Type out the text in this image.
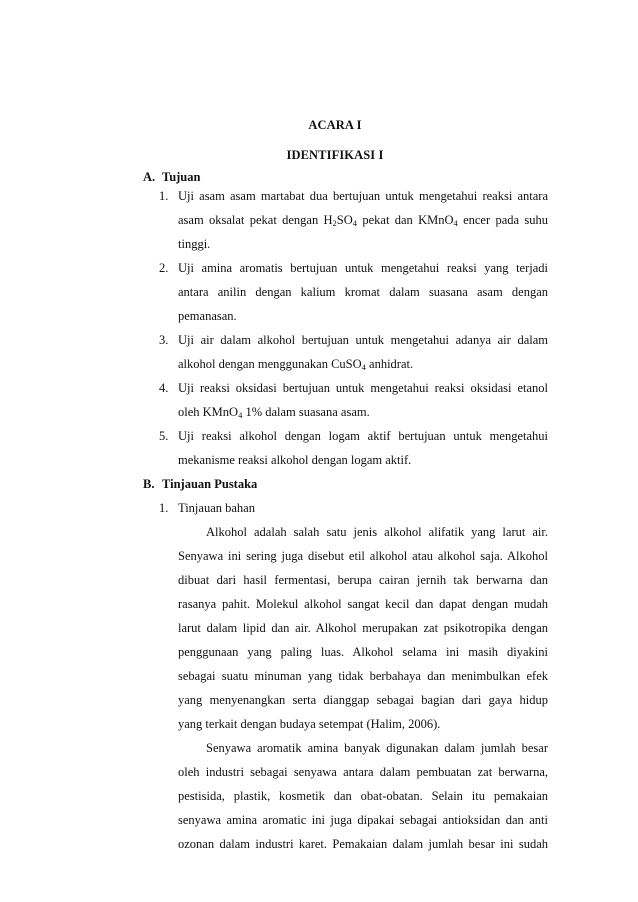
ACARA I
IDENTIFIKASI I
A. Tujuan
1. Uji asam asam martabat dua bertujuan untuk mengetahui reaksi antara
asam oksalat pekat dengan $H_2SO_4$ pekat dan KMnO$_4$ encer pada suhu
tinggi.
2. Uji amina aromatis bertujuan untuk mengetahui reaksi yang terjadi
antara anilin dengan kalium kromat dalam suasana asam dengan
pemanasan.
3. Uji air dalam alkohol bertujuan untuk mengetahui adanya air dalam
alkohol dengan menggunakan CuSO$_4$ anhidrat.
4. Uji reaksi oksidasi bertujuan untuk mengetahui reaksi oksidasi etanol
oleh KMnO$_4$ 1% dalam suasana asam.
5. Uji reaksi alkohol dengan logam aktif bertujuan untuk mengetahui
mekanisme reaksi alkohol dengan logam aktif.
B. Tinjauan Pustaka
1. Tinjauan bahan
Alkohol adalah salah satu jenis alkohol alifatik yang larut air.
Senyawa ini sering juga disebut etil alkohol atau alkohol saja. Alkohol
dibuat dari hasil fermentasi, berupa cairan jernih tak berwarna dan
rasanya pahit. Molekul alkohol sangat kecil dan dapat dengan mudah
larut dalam lipid dan air. Alkohol merupakan zat psikotropika dengan
penggunaan yang paling luas. Alkohol selama ini masih diyakini
sebagai suatu minuman yang tidak berbahaya dan menimbulkan efek
yang menyenangkan serta dianggap sebagai bagian dari gaya hidup
yang terkait dengan budaya setempat (Halim, 2006).
Senyawa aromatik amina banyak digunakan dalam jumlah besar
oleh industri sebagai senyawa antara dalam pembuatan zat berwarna,
pestisida, plastik, kosmetik dan obat-obatan. Selain itu pemakaian
senyawa amina aromatic ini juga dipakai sebagai antioksidan dan anti
ozonan dalam industri karet. Pemakaian dalam jumlah besar ini sudah
